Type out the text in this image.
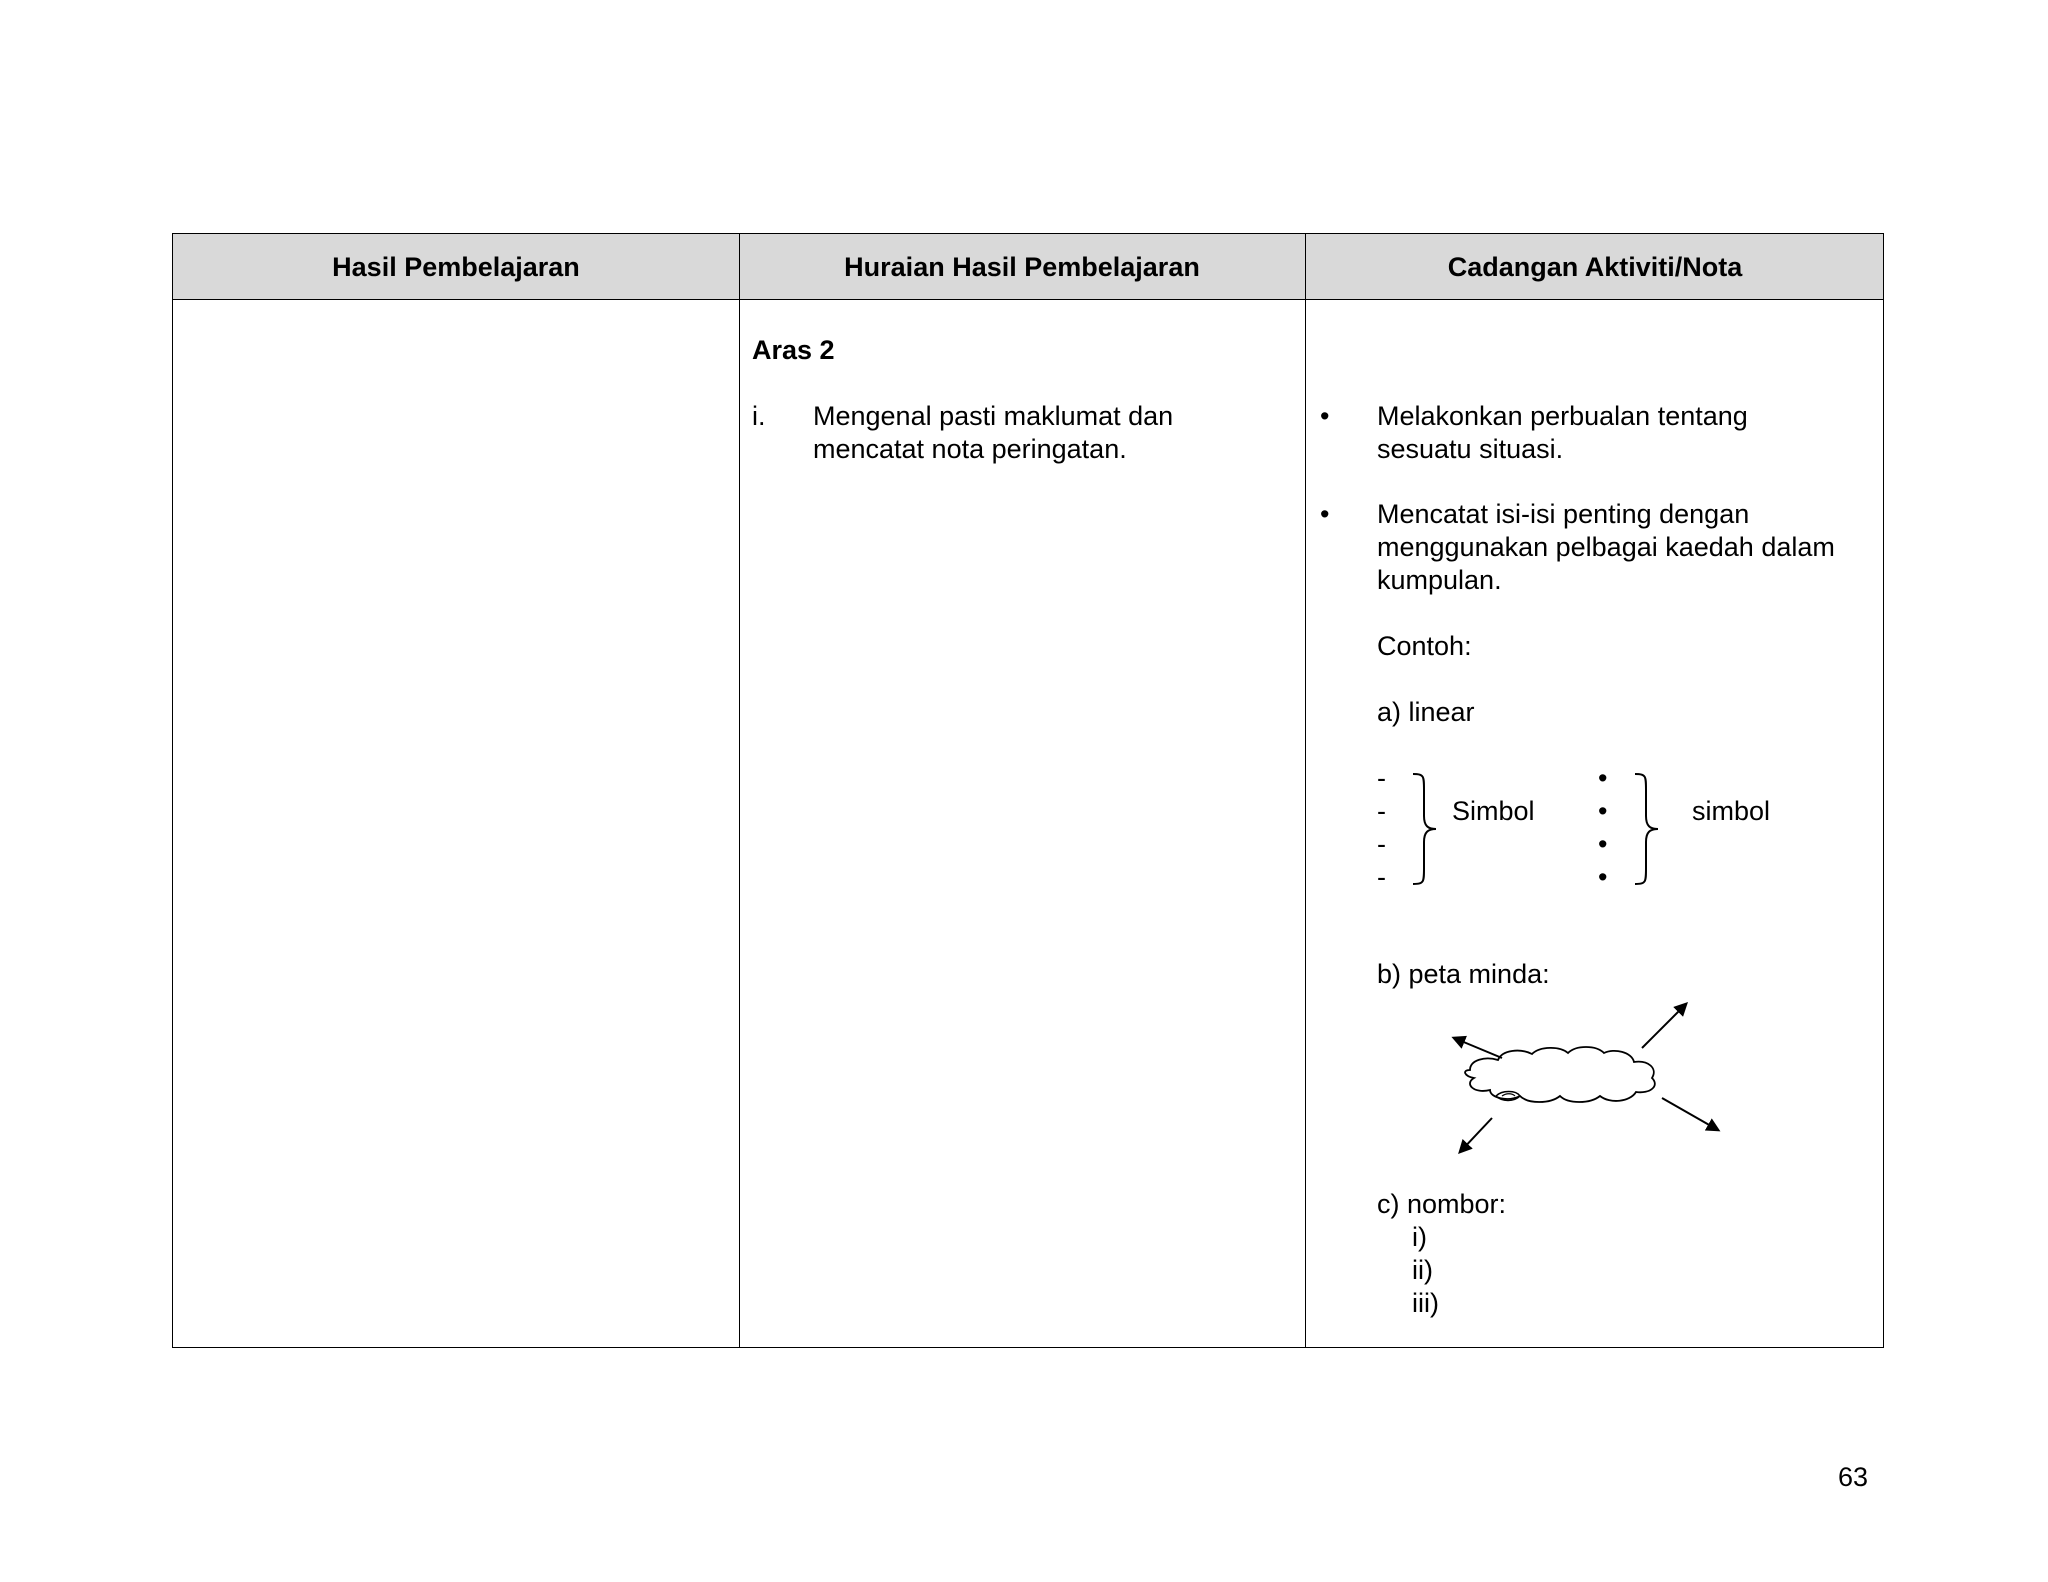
Hasil Pembelajaran	Huraian Hasil Pembelajaran	Cadangan Aktiviti/Nota
Aras 2
i. Mengenal pasti maklumat dan
mencatat nota peringatan.
• Melakonkan perbualan tentang
sesuatu situasi.
• Mencatat isi-isi penting dengan
menggunakan pelbagai kaedah dalam
kumpulan.
Contoh:
a) linear
-
-
-
-
Simbol
•
•
•
•
simbol
b) peta minda:
c) nombor:
i)
ii)
iii)
63
